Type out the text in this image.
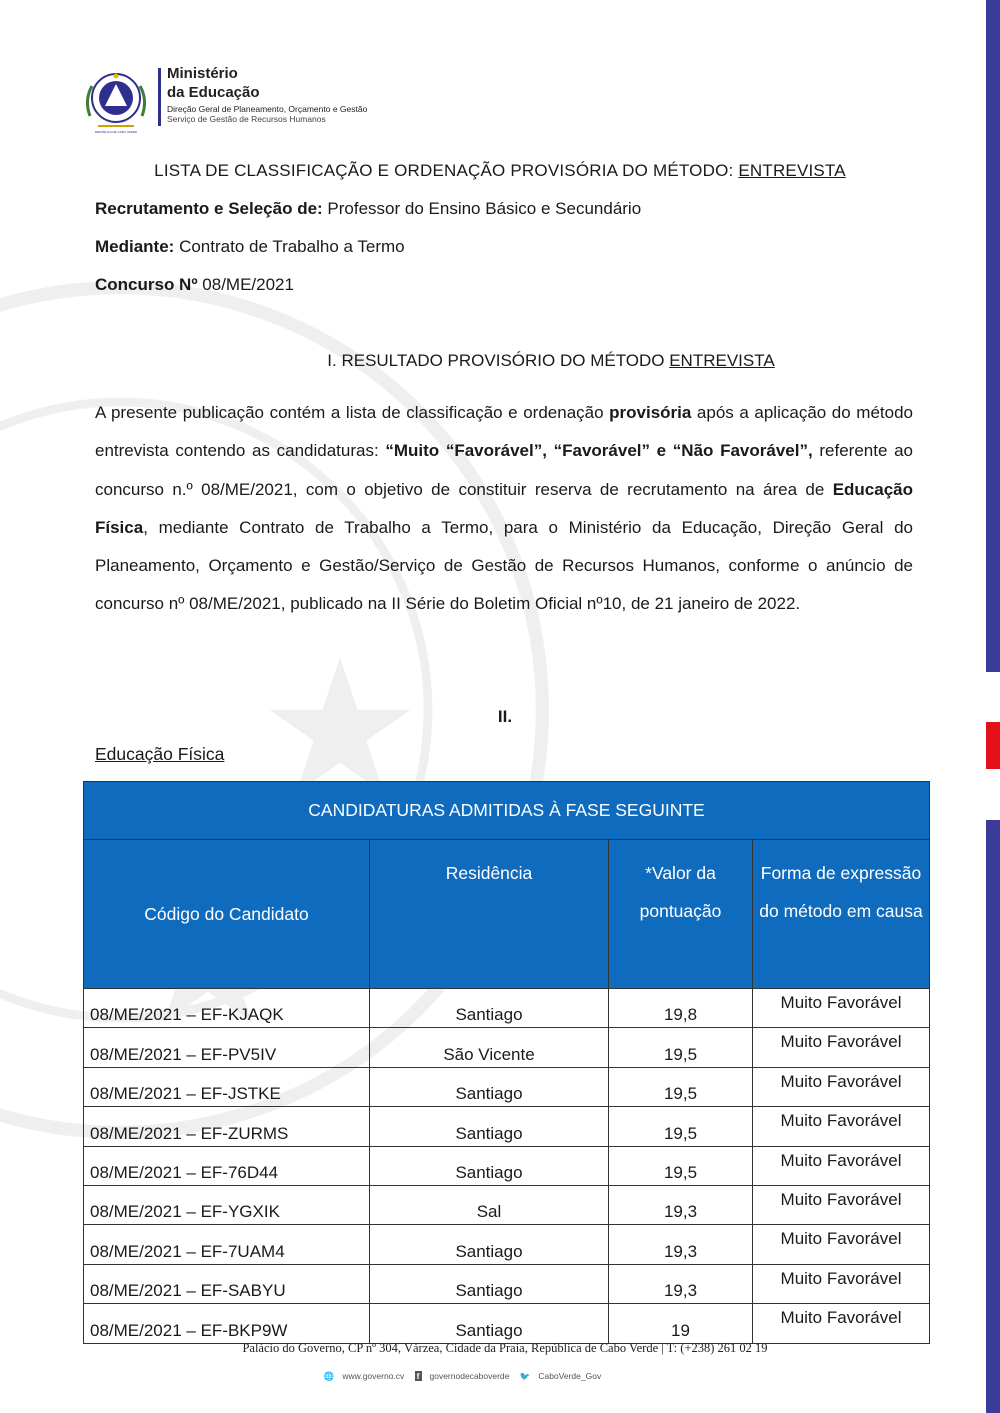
REPÚBLICA DE CABO VERDE
Ministério
da Educação
Direção Geral de Planeamento, Orçamento e Gestão
Serviço de Gestão de Recursos Humanos
LISTA DE CLASSIFICAÇÃO E ORDENAÇÃO PROVISÓRIA DO MÉTODO: ENTREVISTA
Recrutamento e Seleção de: Professor do Ensino Básico e Secundário
Mediante: Contrato de Trabalho a Termo
Concurso Nº 08/ME/2021
I. RESULTADO PROVISÓRIO DO MÉTODO ENTREVISTA
A presente publicação contém a lista de classificação e ordenação provisória após a aplicação do método entrevista contendo as candidaturas: “Muito “Favorável”, “Favorável” e “Não Favorável”, referente ao concurso n.º 08/ME/2021, com o objetivo de constituir reserva de recrutamento na área de Educação Física, mediante Contrato de Trabalho a Termo, para o Ministério da Educação, Direção Geral do Planeamento, Orçamento e Gestão/Serviço de Gestão de Recursos Humanos, conforme o anúncio de concurso nº 08/ME/2021, publicado na II Série do Boletim Oficial nº10, de 21 janeiro de 2022.
II.
Educação Física
CANDIDATURAS ADMITIDAS À FASE SEGUINTE			
Código do Candidato	Residência	*Valor da pontuação	Forma de expressão do método em causa
08/ME/2021 – EF-KJAQK	Santiago	19,8	Muito Favorável
08/ME/2021 – EF-PV5IV	São Vicente	19,5	Muito Favorável
08/ME/2021 – EF-JSTKE	Santiago	19,5	Muito Favorável
08/ME/2021 – EF-ZURMS	Santiago	19,5	Muito Favorável
08/ME/2021 – EF-76D44	Santiago	19,5	Muito Favorável
08/ME/2021 – EF-YGXIK	Sal	19,3	Muito Favorável
08/ME/2021 – EF-7UAM4	Santiago	19,3	Muito Favorável
08/ME/2021 – EF-SABYU	Santiago	19,3	Muito Favorável
08/ME/2021 – EF-BKP9W	Santiago	19	Muito Favorável
Palácio do Governo, CP nº 304, Várzea, Cidade da Praia, República de Cabo Verde | T: (+238) 261 02 19
🌐 www.governo.cv f governodecaboverde 🐦 CaboVerde_Gov
